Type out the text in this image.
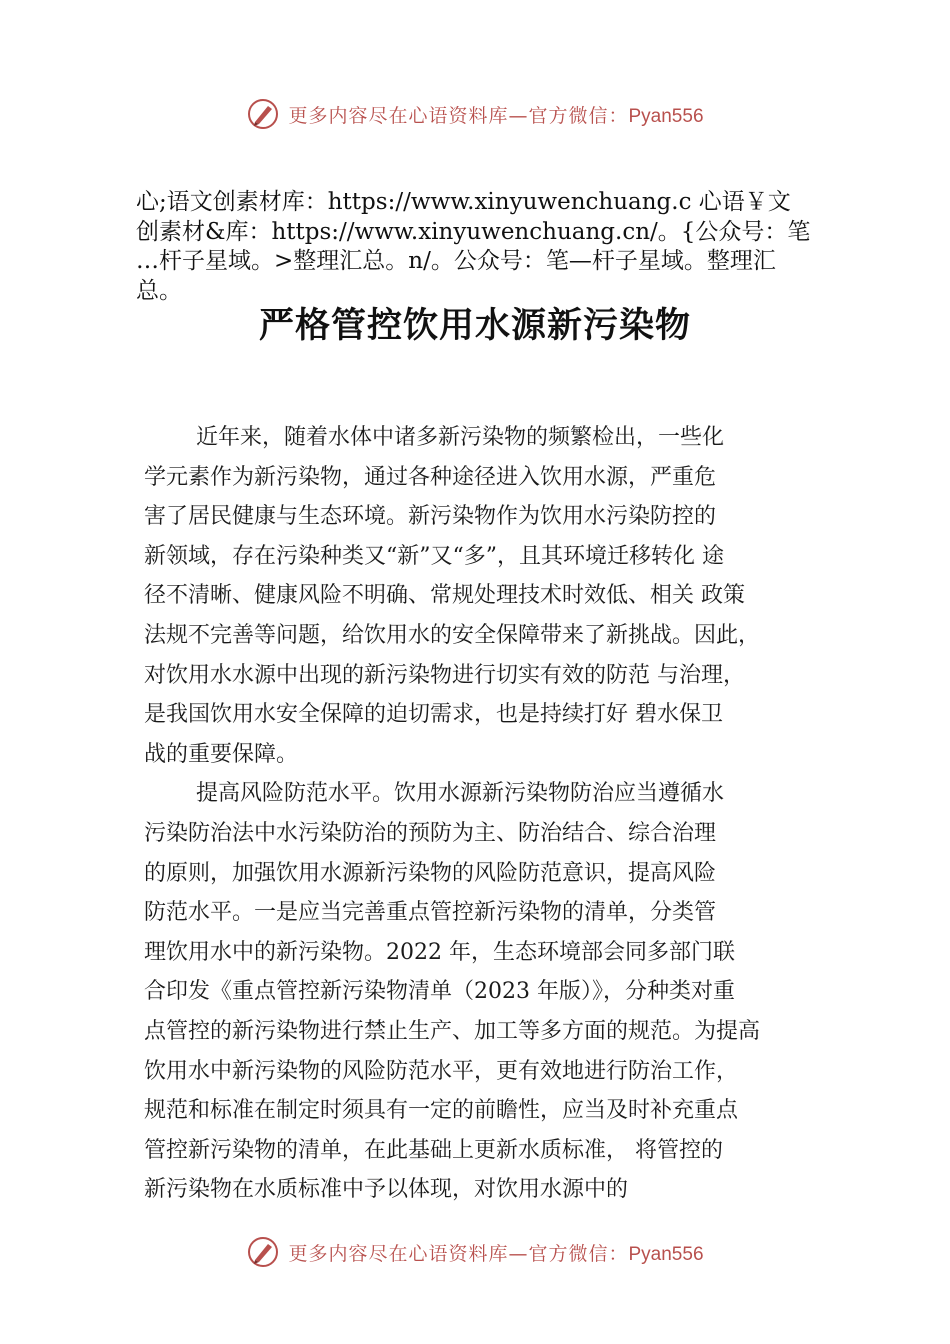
更多内容尽在心语资料库—官方微信：Pyan556
心;语文创素材库：https://www.xinyuwenchuang.c 心语￥文
创素材&库：https://www.xinyuwenchuang.cn/。{公众号：笔
…杆子星域。>整理汇总。n/。公众号：笔—杆子星域。整理汇
总。
严格管控饮用水源新污染物
近年来，随着水体中诸多新污染物的频繁检出，一些化
学元素作为新污染物，通过各种途径进入饮用水源，严重危
害了居民健康与生态环境。新污染物作为饮用水污染防控的
新领域，存在污染种类又“新”又“多”，且其环境迁移转化 途
径不清晰、健康风险不明确、常规处理技术时效低、相关 政策
法规不完善等问题，给饮用水的安全保障带来了新挑战。因此，
对饮用水水源中出现的新污染物进行切实有效的防范 与治理，
是我国饮用水安全保障的迫切需求，也是持续打好 碧水保卫
战的重要保障。
提高风险防范水平。饮用水源新污染物防治应当遵循水
污染防治法中水污染防治的预防为主、防治结合、综合治理
的原则，加强饮用水源新污染物的风险防范意识，提高风险
防范水平。一是应当完善重点管控新污染物的清单，分类管
理饮用水中的新污染物。2022 年，生态环境部会同多部门联
合印发《重点管控新污染物清单（2023 年版）》，分种类对重
点管控的新污染物进行禁止生产、加工等多方面的规范。为提高
饮用水中新污染物的风险防范水平，更有效地进行防治工作，
规范和标准在制定时须具有一定的前瞻性，应当及时补充重点
管控新污染物的清单，在此基础上更新水质标准， 将管控的
新污染物在水质标准中予以体现，对饮用水源中的
更多内容尽在心语资料库—官方微信：Pyan556
